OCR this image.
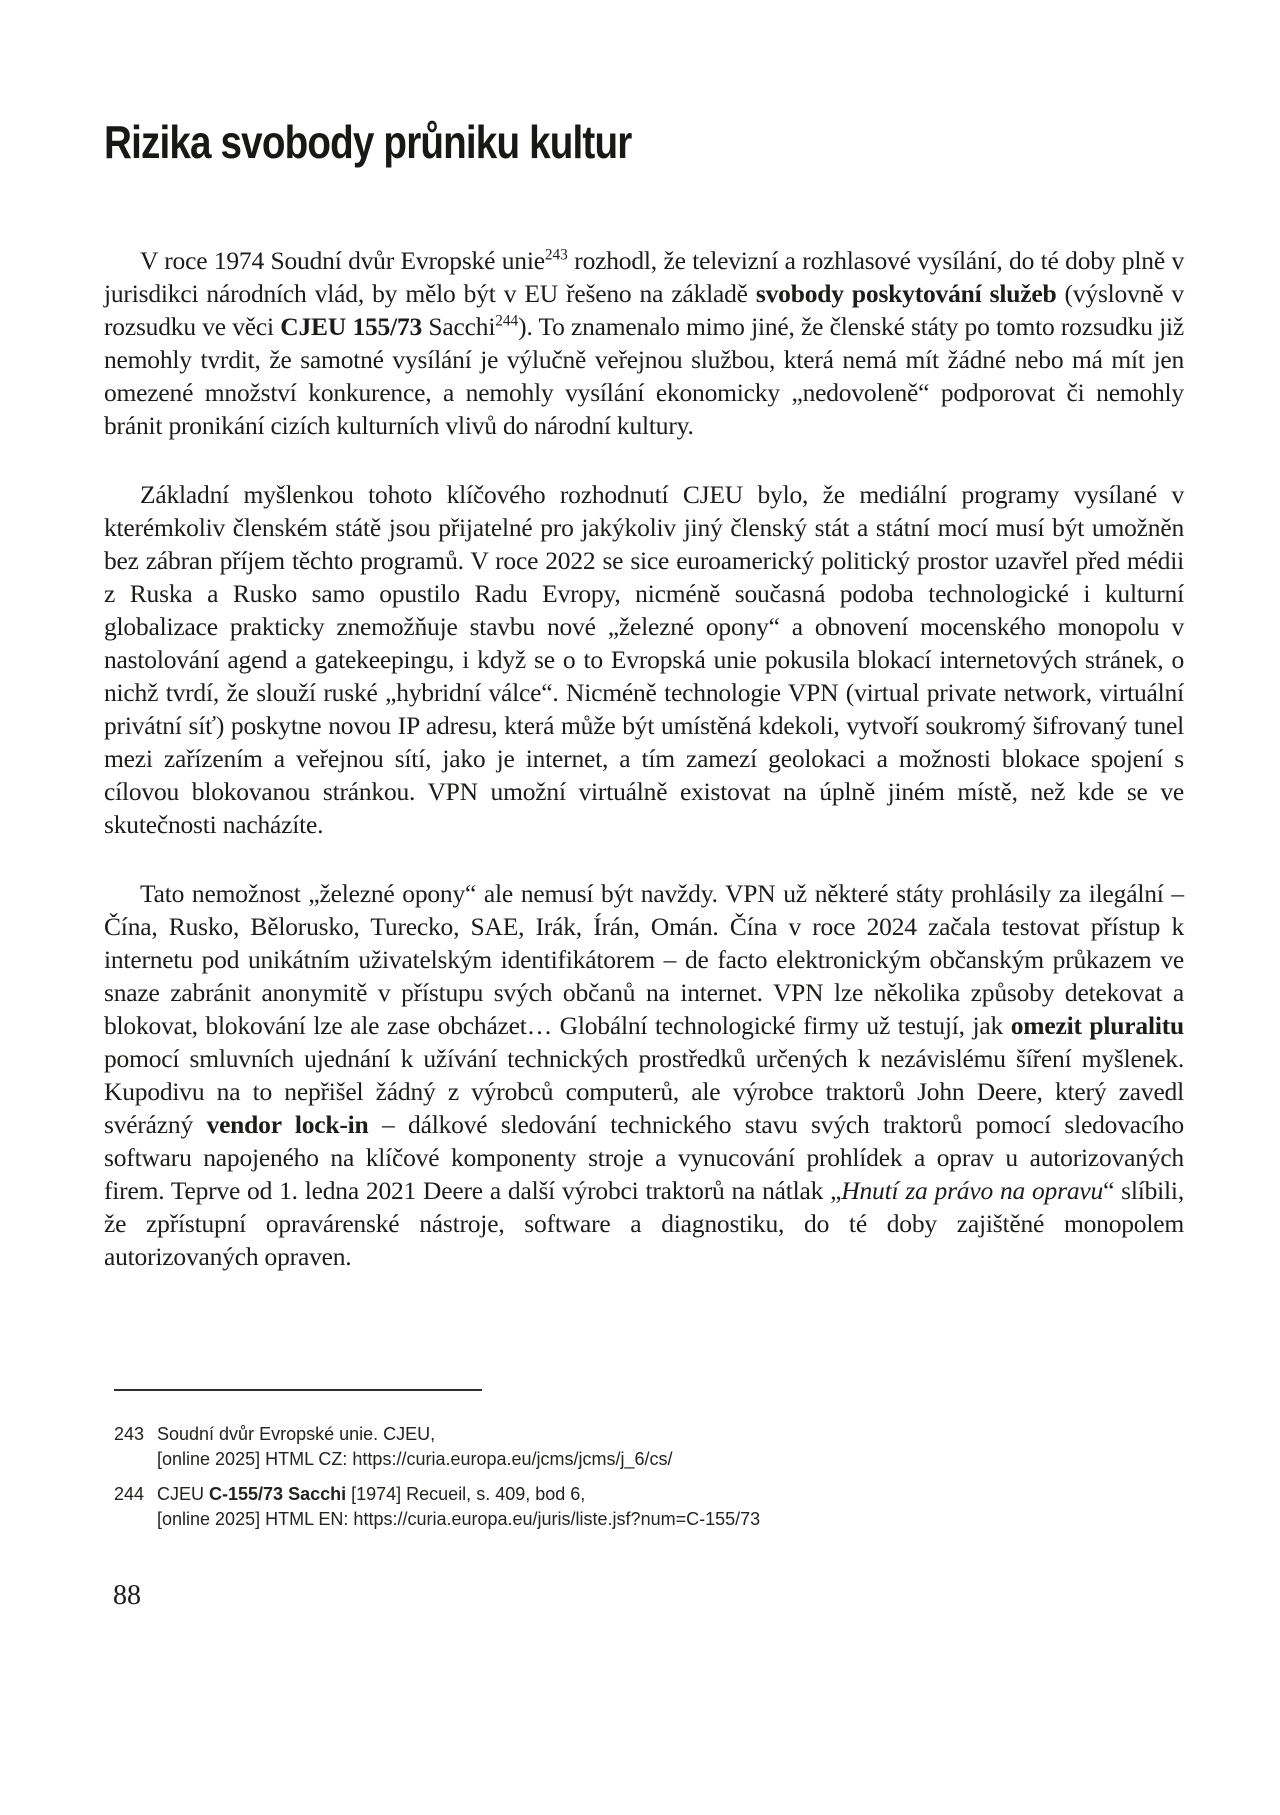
Rizika svobody průniku kultur

V roce 1974 Soudní dvůr Evropské unie$^{243}$ rozhodl, že televizní a rozhlasové vysílání, do té doby plně v jurisdikci národních vlád, by mělo být v EU řešeno na základě svobody poskytování služeb (výslovně v rozsudku ve věci CJEU 155/73 Sacchi$^{244}$). To znamenalo mimo jiné, že členské státy po tomto rozsudku již nemohly tvrdit, že samotné vysílání je výlučně veřejnou službou, která nemá mít žádné nebo má mít jen omezené množství konkurence, a nemohly vysílání ekonomicky „nedovoleně“ podporovat či nemohly bránit pronikání cizích kulturních vlivů do národní kultury.

Základní myšlenkou tohoto klíčového rozhodnutí CJEU bylo, že mediální programy vysílané v kterémkoliv členském státě jsou přijatelné pro jakýkoliv jiný členský stát a státní mocí musí být umožněn bez zábran příjem těchto programů. V roce 2022 se sice euroamerický politický prostor uzavřel před médii z Ruska a Rusko samo opustilo Radu Evropy, nicméně současná podoba technologické i kulturní globalizace prakticky znemožňuje stavbu nové „železné opony“ a obnovení mocenského monopolu v nastolování agend a gatekeepingu, i když se o to Evropská unie pokusila blokací internetových stránek, o nichž tvrdí, že slouží ruské „hybridní válce“. Nicméně technologie VPN (virtual private network, virtuální privátní síť) poskytne novou IP adresu, která může být umístěná kdekoli, vytvoří soukromý šifrovaný tunel mezi zařízením a veřejnou sítí, jako je internet, a tím zamezí geolokaci a možnosti blokace spojení s cílovou blokovanou stránkou. VPN umožní virtuálně existovat na úplně jiném místě, než kde se ve skutečnosti nacházíte.

Tato nemožnost „železné opony“ ale nemusí být navždy. VPN už některé státy prohlásily za ilegální – Čína, Rusko, Bělorusko, Turecko, SAE, Irák, Írán, Omán. Čína v roce 2024 začala testovat přístup k internetu pod unikátním uživatelským identifikátorem – de facto elektronickým občanským průkazem ve snaze zabránit anonymitě v přístupu svých občanů na internet. VPN lze několika způsoby detekovat a blokovat, blokování lze ale zase obcházet… Globální technologické firmy už testují, jak omezit pluralitu pomocí smluvních ujednání k užívání technických prostředků určených k nezávislému šíření myšlenek. Kupodivu na to nepřišel žádný z výrobců computerů, ale výrobce traktorů John Deere, který zavedl svérázný vendor lock-in – dálkové sledování technického stavu svých traktorů pomocí sledovacího softwaru napojeného na klíčové komponenty stroje a vynucování prohlídek a oprav u autorizovaných firem. Teprve od 1. ledna 2021 Deere a další výrobci traktorů na nátlak „Hnutí za právo na opravu“ slíbili, že zpřístupní opravárenské nástroje, software a diagnostiku, do té doby zajištěné monopolem autorizovaných opraven.

243 Soudní dvůr Evropské unie. CJEU,
[online 2025] HTML CZ: https://curia.europa.eu/jcms/jcms/j_6/cs/
244 CJEU C-155/73 Sacchi [1974] Recueil, s. 409, bod 6,
[online 2025] HTML EN: https://curia.europa.eu/juris/liste.jsf?num=C-155/73
88
